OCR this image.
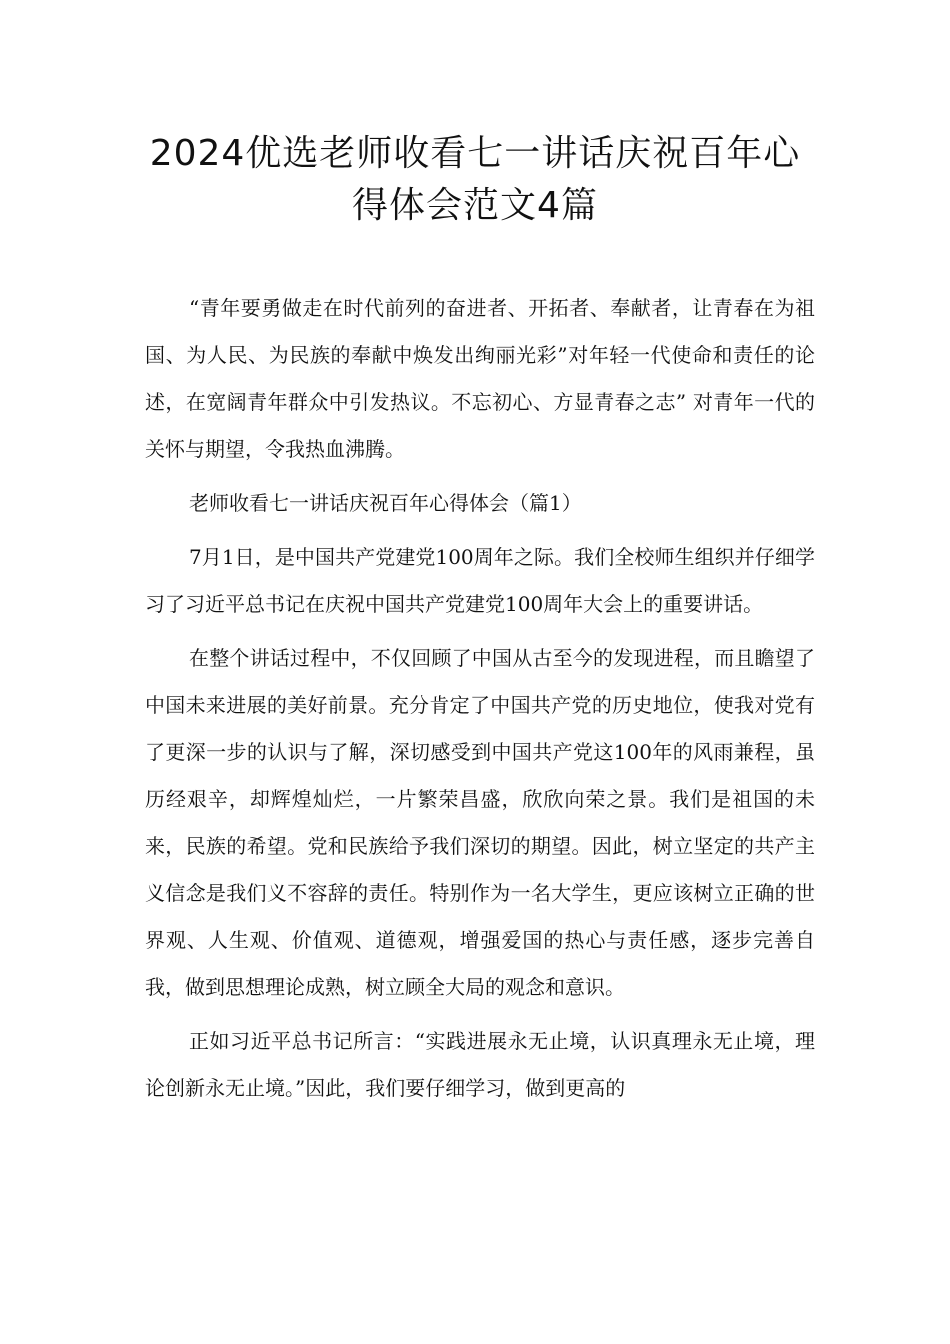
2024优选老师收看七一讲话庆祝百年心
得体会范文4篇

“青年要勇做走在时代前列的奋进者、开拓者、奉献者，让青春在为祖国、为人民、为民族的奉献中焕发出绚丽光彩”对年轻一代使命和责任的论述，在宽阔青年群众中引发热议。不忘初心、方显青春之志” 对青年一代的关怀与期望，令我热血沸腾。

老师收看七一讲话庆祝百年心得体会（篇1）

7月1日，是中国共产党建党100周年之际。我们全校师生组织并仔细学习了习近平总书记在庆祝中国共产党建党100周年大会上的重要讲话。

在整个讲话过程中，不仅回顾了中国从古至今的发现进程，而且瞻望了中国未来进展的美好前景。充分肯定了中国共产党的历史地位，使我对党有了更深一步的认识与了解，深切感受到中国共产党这100年的风雨兼程，虽历经艰辛，却辉煌灿烂，一片繁荣昌盛，欣欣向荣之景。我们是祖国的未来，民族的希望。党和民族给予我们深切的期望。因此，树立坚定的共产主义信念是我们义不容辞的责任。特别作为一名大学生，更应该树立正确的世界观、人生观、价值观、道德观，增强爱国的热心与责任感，逐步完善自我，做到思想理论成熟，树立顾全大局的观念和意识。

正如习近平总书记所言：“实践进展永无止境，认识真理永无止境，理论创新永无止境。”因此，我们要仔细学习，做到更高的
